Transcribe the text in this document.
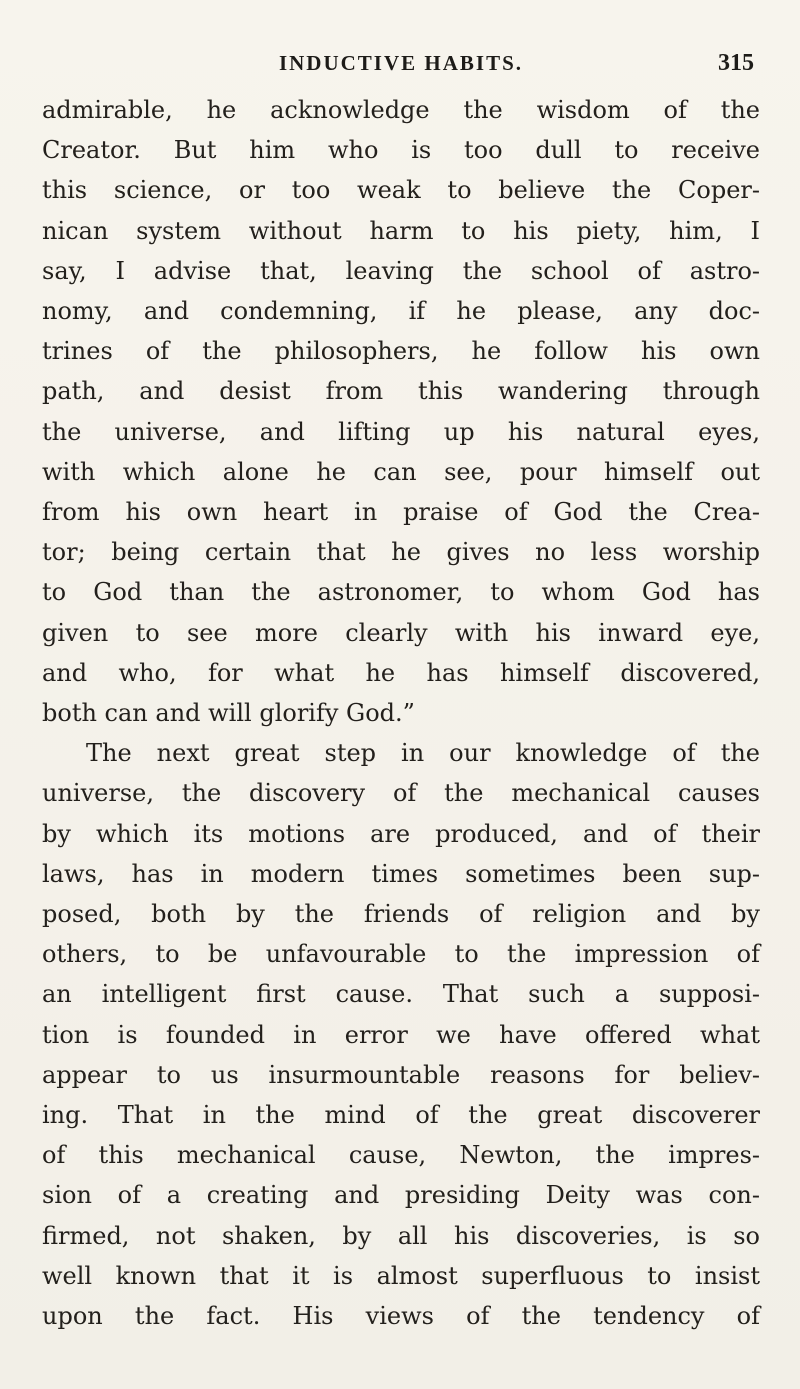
INDUCTIVE HABITS.	315
admirable, he acknowledge the wisdom of the
Creator. But him who is too dull to receive
this science, or too weak to believe the Coper-
nican system without harm to his piety, him, I
say, I advise that, leaving the school of astro-
nomy, and condemning, if he please, any doc-
trines of the philosophers, he follow his own
path, and desist from this wandering through
the universe, and lifting up his natural eyes,
with which alone he can see, pour himself out
from his own heart in praise of God the Crea-
tor; being certain that he gives no less worship
to God than the astronomer, to whom God has
given to see more clearly with his inward eye,
and who, for what he has himself discovered,
both can and will glorify God.”
The next great step in our knowledge of the
universe, the discovery of the mechanical causes
by which its motions are produced, and of their
laws, has in modern times sometimes been sup-
posed, both by the friends of religion and by
others, to be unfavourable to the impression of
an intelligent first cause. That such a supposi-
tion is founded in error we have offered what
appear to us insurmountable reasons for believ-
ing. That in the mind of the great discoverer
of this mechanical cause, Newton, the impres-
sion of a creating and presiding Deity was con-
firmed, not shaken, by all his discoveries, is so
well known that it is almost superfluous to insist
upon the fact. His views of the tendency of
